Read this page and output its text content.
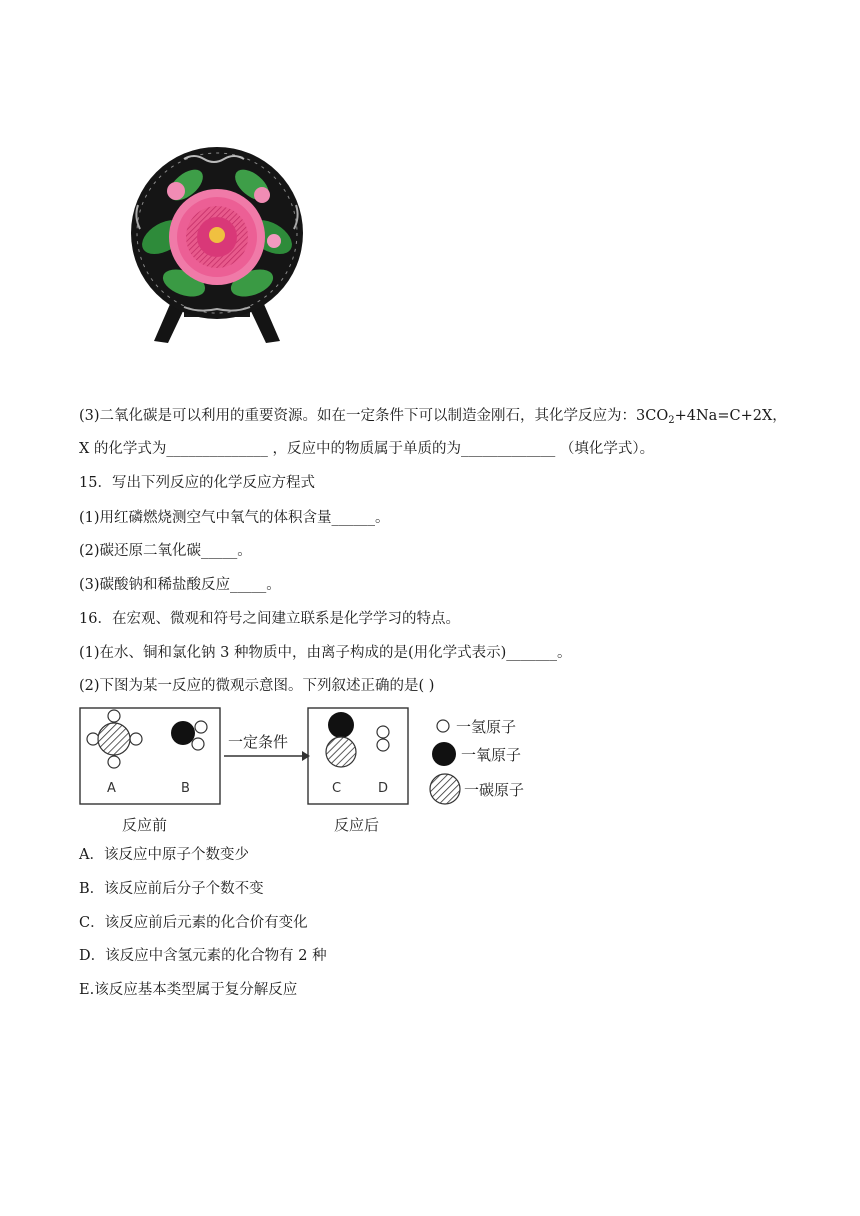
(3)二氧化碳是可以利用的重要资源。如在一定条件下可以制造金刚石，其化学反应为：$3CO_2+4Na=C+2X$，
X 的化学式为______________ ，反应中的物质属于单质的为_____________ （填化学式）。
15．写出下列反应的化学反应方程式
(1)用红磷燃烧测空气中氧气的体积含量______。
(2)碳还原二氧化碳_____。
(3)碳酸钠和稀盐酸反应_____。
16．在宏观、微观和符号之间建立联系是化学学习的特点。
(1)在水、铜和氯化钠 3 种物质中，由离子构成的是(用化学式表示)_______。
(2)下图为某一反应的微观示意图。下列叙述正确的是( )
A	B
一定条件
C	D
反应前	反应后
一氢原子
一氧原子
一碳原子
A．该反应中原子个数变少
B．该反应前后分子个数不变
C．该反应前后元素的化合价有变化
D．该反应中含氢元素的化合物有 2 种
E.该反应基本类型属于复分解反应
